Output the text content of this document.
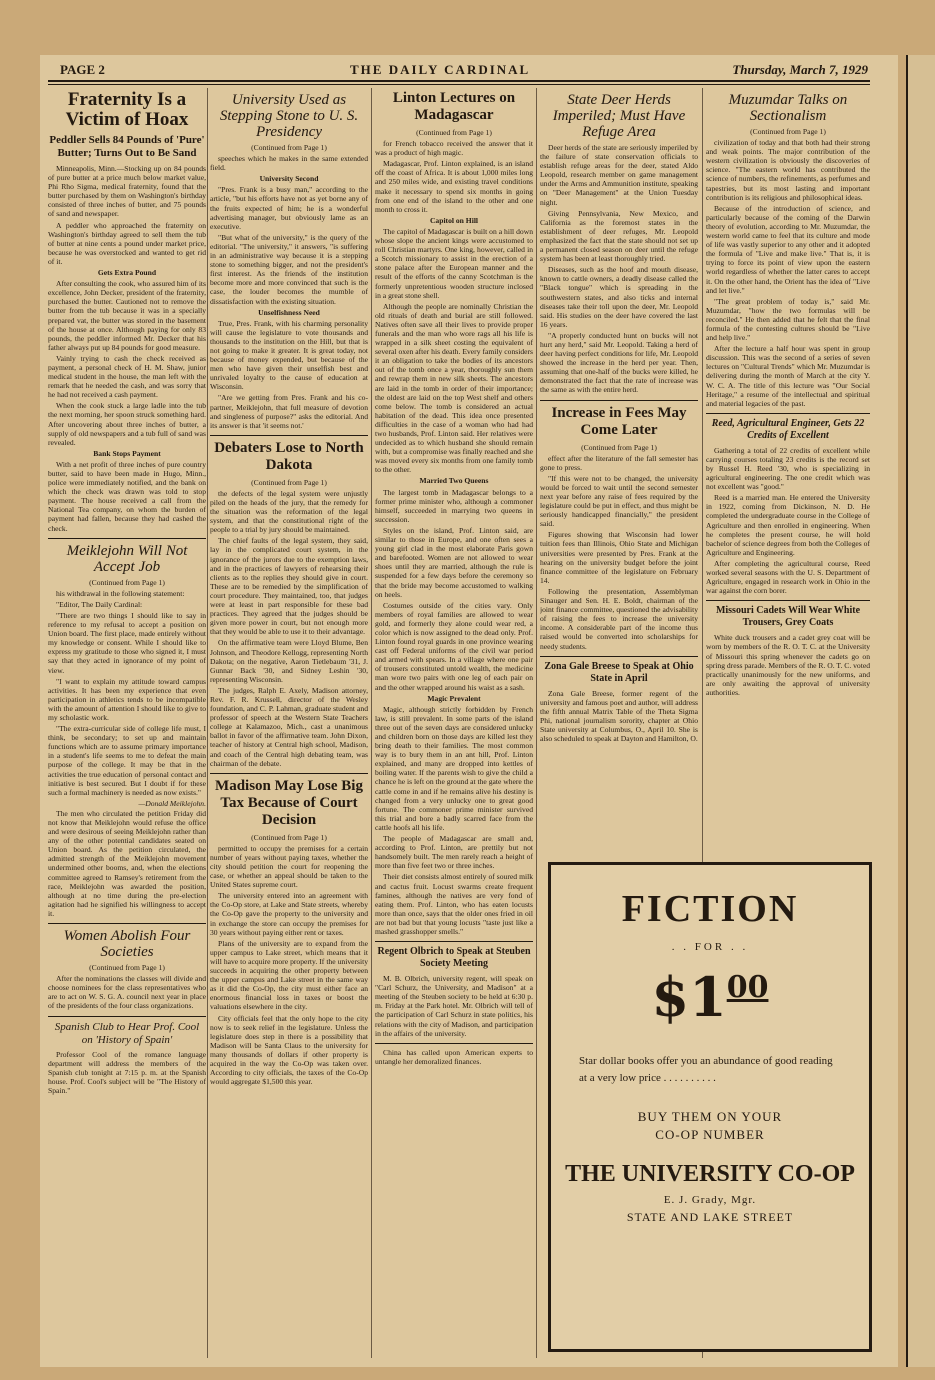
PAGE 2	THE DAILY CARDINAL	Thursday, March 7, 1929
Fraternity Is a Victim of Hoax
Peddler Sells 84 Pounds of 'Pure' Butter; Turns Out to Be Sand

Minneapolis, Minn.—Stocking up on 84 pounds of pure butter at a price much below market value, Phi Rho Sigma, medical fraternity, found that the butter purchased by them on Washington's birthday consisted of three inches of butter, and 75 pounds of sand and newspaper.

A peddler who approached the fraternity on Washington's birthday agreed to sell them the tub of butter at nine cents a pound under market price, because he was overstocked and wanted to get rid of it.

Gets Extra Pound

After consulting the cook, who assured him of its excellence, John Decker, president of the fraternity, purchased the butter. Cautioned not to remove the butter from the tub because it was in a specially prepared vat, the butter was stored in the basement of the house at once. Although paying for only 83 pounds, the peddler informed Mr. Decker that his father always put up 84 pounds for good measure.

Vainly trying to cash the check received as payment, a personal check of H. M. Shaw, junior medical student in the house, the man left with the remark that he needed the cash, and was sorry that he had not received a cash payment.

When the cook stuck a large ladle into the tub the next morning, her spoon struck something hard. After uncovering about three inches of butter, a supply of old newspapers and a tub full of sand was revealed.

Bank Stops Payment

With a net profit of three inches of pure country butter, said to have been made in Hugo, Minn., police were immediately notified, and the bank on which the check was drawn was told to stop payment. The house received a call from the National Tea company, on whom the burden of payment had fallen, because they had cashed the check.

Meiklejohn Will Not Accept Job
(Continued from Page 1)

his withdrawal in the following statement:

"Editor, The Daily Cardinal:

"There are two things I should like to say in reference to my refusal to accept a position on Union board. The first place, made entirely without my knowledge or consent. While I should like to express my gratitude to those who signed it, I must say that they acted in ignorance of my point of view.

"I want to explain my attitude toward campus activities. It has been my experience that even participation in athletics tends to be incompatible with the amount of attention I should like to give to my scholastic work.

"The extra-curricular side of college life must, I think, be secondary; to set up and maintain functions which are to assume primary importance in a student's life seems to me to defeat the main purpose of the college. It may be that in the activities the true education of personal contact and initiative is best secured. But I doubt if for these such a formal machinery is needed as now exists."

—Donald Meiklejohn.

The men who circulated the petition Friday did not know that Meiklejohn would refuse the office and were desirous of seeing Meiklejohn rather than any of the other potential candidates seated on Union board. As the petition circulated, the admitted strength of the Meiklejohn movement undermined other booms, and, when the elections committee agreed to Ramsey's retirement from the race, Meiklejohn was awarded the position, although at no time during the pre-election agitation had he signified his willingness to accept it.

Women Abolish Four Societies
(Continued from Page 1)

After the nominations the classes will divide and choose nominees for the class representatives who are to act on W. S. G. A. council next year in place of the presidents of the four class organizations.

Spanish Club to Hear Prof. Cool on 'History of Spain'

Professor Cool of the romance language department will address the members of the Spanish club tonight at 7:15 p. m. at the Spanish house. Prof. Cool's subject will be "The History of Spain."

University Used as Stepping Stone to U. S. Presidency
(Continued from Page 1)

speeches which he makes in the same extended field.

University Second

"Pres. Frank is a busy man," according to the article, "but his efforts have not as yet borne any of the fruits expected of him; he is a wonderful advertising manager, but obviously lame as an executive.

"But what of the university," is the query of the editorial. "The university," it answers, "is suffering in an administrative way because it is a stepping stone to something bigger, and not the president's first interest. As the friends of the institution become more and more convinced that such is the case, the louder becomes the mumble of dissatisfaction with the existing situation.

Unselfishness Need

True, Pres. Frank, with his charming personality will cause the legislature to vote thousands and thousands to the institution on the Hill, but that is not going to make it greater. It is great today, not because of money expended, but because of the men who have given their unselfish best and unrivaled loyalty to the cause of education at Wisconsin.

"Are we getting from Pres. Frank and his co-partner, Meiklejohn, that full measure of devotion and singleness of purpose?" asks the editorial. And its answer is that 'it seems not.'

Debaters Lose to North Dakota
(Continued from Page 1)

the defects of the legal system were unjustly piled on the heads of the jury, that the remedy for the situation was the reformation of the legal system, and that the constitutional right of the people to a trial by jury should be maintained.

The chief faults of the legal system, they said, lay in the complicated court system, in the ignorance of the jurors due to the exemption laws, and in the practices of lawyers of rehearsing their clients as to the replies they should give in court. These are to be remedied by the simplification of court procedure. They maintained, too, that judges were at least in part responsible for these bad practices. They agreed that the judges should be given more power in court, but not enough more that they would be able to use it to their advantage.

On the affirmative team were Lloyd Blume, Ben Johnson, and Theodore Kellogg, representing North Dakota; on the negative, Aaron Tietlebaum '31, J. Gunnar Back '30, and Sidney Leshin '30, representing Wisconsin.

The judges, Ralph E. Axely, Madison attorney, Rev. F. R. Krussell, director of the Wesley foundation, and C. P. Lahman, graduate student and professor of speech at the Western State Teachers college at Kalamazoo, Mich., cast a unanimous ballot in favor of the affirmative team. John Dixon, teacher of history at Central high school, Madison, and coach of the Central high debating team, was chairman of the debate.

Madison May Lose Big Tax Because of Court Decision
(Continued from Page 1)

permitted to occupy the premises for a certain number of years without paying taxes, whether the city should petition the court for reopening the case, or whether an appeal should be taken to the United States supreme court.

The university entered into an agreement with the Co-Op store, at Lake and State streets, whereby the Co-Op gave the property to the university and in exchange the store can occupy the premises for 30 years without paying either rent or taxes.

Plans of the university are to expand from the upper campus to Lake street, which means that it will have to acquire more property. If the university succeeds in acquiring the other property between the upper campus and Lake street in the same way as it did the Co-Op, the city must either face an enormous financial loss in taxes or boost the valuations elsewhere in the city.

City officials feel that the only hope to the city now is to seek relief in the legislature. Unless the legislature does step in there is a possibility that Madison will be Santa Claus to the university for many thousands of dollars if other property is acquired in the way the Co-Op was taken over. According to city officials, the taxes of the Co-Op would aggregate $1,500 this year.

Linton Lectures on Madagascar
(Continued from Page 1)

for French tobacco received the answer that it was a product of high magic.

Madagascar, Prof. Linton explained, is an island off the coast of Africa. It is about 1,000 miles long and 250 miles wide, and existing travel conditions make it necessary to spend six months in going from one end of the island to the other and one month to cross it.

Capitol on Hill

The capitol of Madagascar is built on a hill down whose slope the ancient kings were accustomed to roll Christian martyrs. One king, however, called in a Scotch missionary to assist in the erection of a stone palace after the European manner and the result of the efforts of the canny Scotchman is the formerly unpretentious wooden structure inclosed in a great stone shell.

Although the people are nominally Christian the old rituals of death and burial are still followed. Natives often save all their lives to provide proper funerals and the man who wore rags all his life is wrapped in a silk sheet costing the equivalent of several oxen after his death. Every family considers it an obligation to take the bodies of its ancestors out of the tomb once a year, thoroughly sun them and rewrap them in new silk sheets. The ancestors are laid in the tomb in order of their importance; the oldest are laid on the top West shelf and others come below. The tomb is considered an actual habitation of the dead. This idea once presented difficulties in the case of a woman who had had two husbands, Prof. Linton said. Her relatives were undecided as to which husband she should remain with, but a compromise was finally reached and she was moved every six months from one family tomb to the other.

Married Two Queens

The largest tomb in Madagascar belongs to a former prime minister who, although a commoner himself, succeeded in marrying two queens in succession.

Styles on the island, Prof. Linton said, are similar to those in Europe, and one often sees a young girl clad in the most elaborate Paris gown and barefooted. Women are not allowed to wear shoes until they are married, although the rule is suspended for a few days before the ceremony so that the bride may become accustomed to walking on heels.

Costumes outside of the cities vary. Only members of royal families are allowed to wear gold, and formerly they alone could wear red, a color which is now assigned to the dead only. Prof. Linton found royal guards in one province wearing cast off Federal uniforms of the civil war period and armed with spears. In a village where one pair of trousers constituted untold wealth, the medicine man wore two pairs with one leg of each pair on and the other wrapped around his waist as a sash.

Magic Prevalent

Magic, although strictly forbidden by French law, is still prevalent. In some parts of the island three out of the seven days are considered unlucky and children born on those days are killed lest they bring death to their families. The most common way is to bury them in an ant hill, Prof. Linton explained, and many are dropped into kettles of boiling water. If the parents wish to give the child a chance he is left on the ground at the gate where the cattle come in and if he remains alive his destiny is changed from a very unlucky one to great good fortune. The commoner prime minister survived this trial and bore a badly scarred face from the cattle hoofs all his life.

The people of Madagascar are small and, according to Prof. Linton, are prettily but not handsomely built. The men rarely reach a height of more than five feet two or three inches.

Their diet consists almost entirely of soured milk and cactus fruit. Locust swarms create frequent famines, although the natives are very fond of eating them. Prof. Linton, who has eaten locusts more than once, says that the older ones fried in oil are not bad but that young locusts "taste just like a mashed grasshopper smells."

Regent Olbrich to Speak at Steuben Society Meeting

M. B. Olbrich, university regent, will speak on "Carl Schurz, the University, and Madison" at a meeting of the Steuben society to be held at 6:30 p. m. Friday at the Park hotel. Mr. Olbrich will tell of the participation of Carl Schurz in state politics, his relations with the city of Madison, and participation in the affairs of the university.

China has called upon American experts to untangle her demoralized finances.

State Deer Herds Imperiled; Must Have Refuge Area

Deer herds of the state are seriously imperiled by the failure of state conservation officials to establish refuge areas for the deer, stated Aldo Leopold, research member on game management under the Arms and Ammunition institute, speaking on "Deer Management" at the Union Tuesday night.

Giving Pennsylvania, New Mexico, and California as the foremost states in the establishment of deer refuges, Mr. Leopold emphasized the fact that the state should not set up a permanent closed season on deer until the refuge system has been at least thoroughly tried.

Diseases, such as the hoof and mouth disease, known to cattle owners, a deadly disease called the "Black tongue" which is spreading in the southwestern states, and also ticks and internal diseases take their toll upon the deer, Mr. Leopold said. His studies on the deer have covered the last 16 years.

"A properly conducted hunt on bucks will not hurt any herd," said Mr. Leopold. Taking a herd of deer having perfect conditions for life, Mr. Leopold showed the increase in the herd per year. Then, assuming that one-half of the bucks were killed, he demonstrated the fact that the rate of increase was the same as with the entire herd.

Increase in Fees May Come Later
(Continued from Page 1)

effect after the literature of the fall semester has gone to press.

"If this were not to be changed, the university would be forced to wait until the second semester next year before any raise of fees required by the legislature could be put in effect, and thus might be seriously handicapped financially," the president said.

Figures showing that Wisconsin had lower tuition fees than Illinois, Ohio State and Michigan universities were presented by Pres. Frank at the hearing on the university budget before the joint finance committee of the legislature on February 14.

Following the presentation, Assemblyman Sinauger and Sen. H. E. Boldt, chairman of the joint finance committee, questioned the advisability of raising the fees to increase the university income. A considerable part of the income thus raised would be converted into scholarships for needy students.

Zona Gale Breese to Speak at Ohio State in April

Zona Gale Breese, former regent of the university and famous poet and author, will address the fifth annual Matrix Table of the Theta Sigma Phi, national journalism sorority, chapter at Ohio State university at Columbus, O., April 10. She is also scheduled to speak at Dayton and Hamilton, O.

Muzumdar Talks on Sectionalism
(Continued from Page 1)

civilization of today and that both had their strong and weak points. The major contribution of the western civilization is obviously the discoveries of science. "The eastern world has contributed the science of numbers, the refinements, as perfumes and tapestries, but its most lasting and important contribution is its religious and philosophical ideas.

Because of the introduction of science, and particularly because of the coming of the Darwin theory of evolution, according to Mr. Muzumdar, the western world came to feel that its culture and mode of life was vastly superior to any other and it adopted the formula of "Live and make live." That is, it is trying to force its point of view upon the eastern world regardless of whether the latter cares to accept it. On the other hand, the Orient has the idea of "Live and let live."

"The great problem of today is," said Mr. Muzumdar, "how the two formulas will be reconciled." He then added that he felt that the final formula of the contesting cultures should be "Live and help live."

After the lecture a half hour was spent in group discussion. This was the second of a series of seven lectures on "Cultural Trends" which Mr. Muzumdar is delivering during the month of March at the city Y. W. C. A. The title of this lecture was "Our Social Heritage," a resume of the intellectual and spiritual and material legacies of the past.

Reed, Agricultural Engineer, Gets 22 Credits of Excellent

Gathering a total of 22 credits of excellent while carrying courses totaling 23 credits is the record set by Russel H. Reed '30, who is specializing in agricultural engineering. The one credit which was not excellent was "good."

Reed is a married man. He entered the University in 1922, coming from Dickinson, N. D. He completed the undergraduate course in the College of Agriculture and then enrolled in engineering. When he completes the present course, he will hold bachelor of science degrees from both the Colleges of Agriculture and Engineering.

After completing the agricultural course, Reed worked several seasons with the U. S. Department of Agriculture, engaged in research work in Ohio in the war against the corn borer.

Missouri Cadets Will Wear White Trousers, Grey Coats

White duck trousers and a cadet grey coat will be worn by members of the R. O. T. C. at the University of Missouri this spring whenever the cadets go on spring dress parade. Members of the R. O. T. C. voted practically unanimously for the new uniforms, and are only awaiting the approval of university authorities.

FICTION
. . FOR . .
$\$1^{00}$
Star dollar books offer you an abundance of good reading at a very low price . . . . . . . . . .
BUY THEM ON YOUR
CO-OP NUMBER
THE UNIVERSITY CO-OP
E. J. Grady, Mgr.
STATE AND LAKE STREET
